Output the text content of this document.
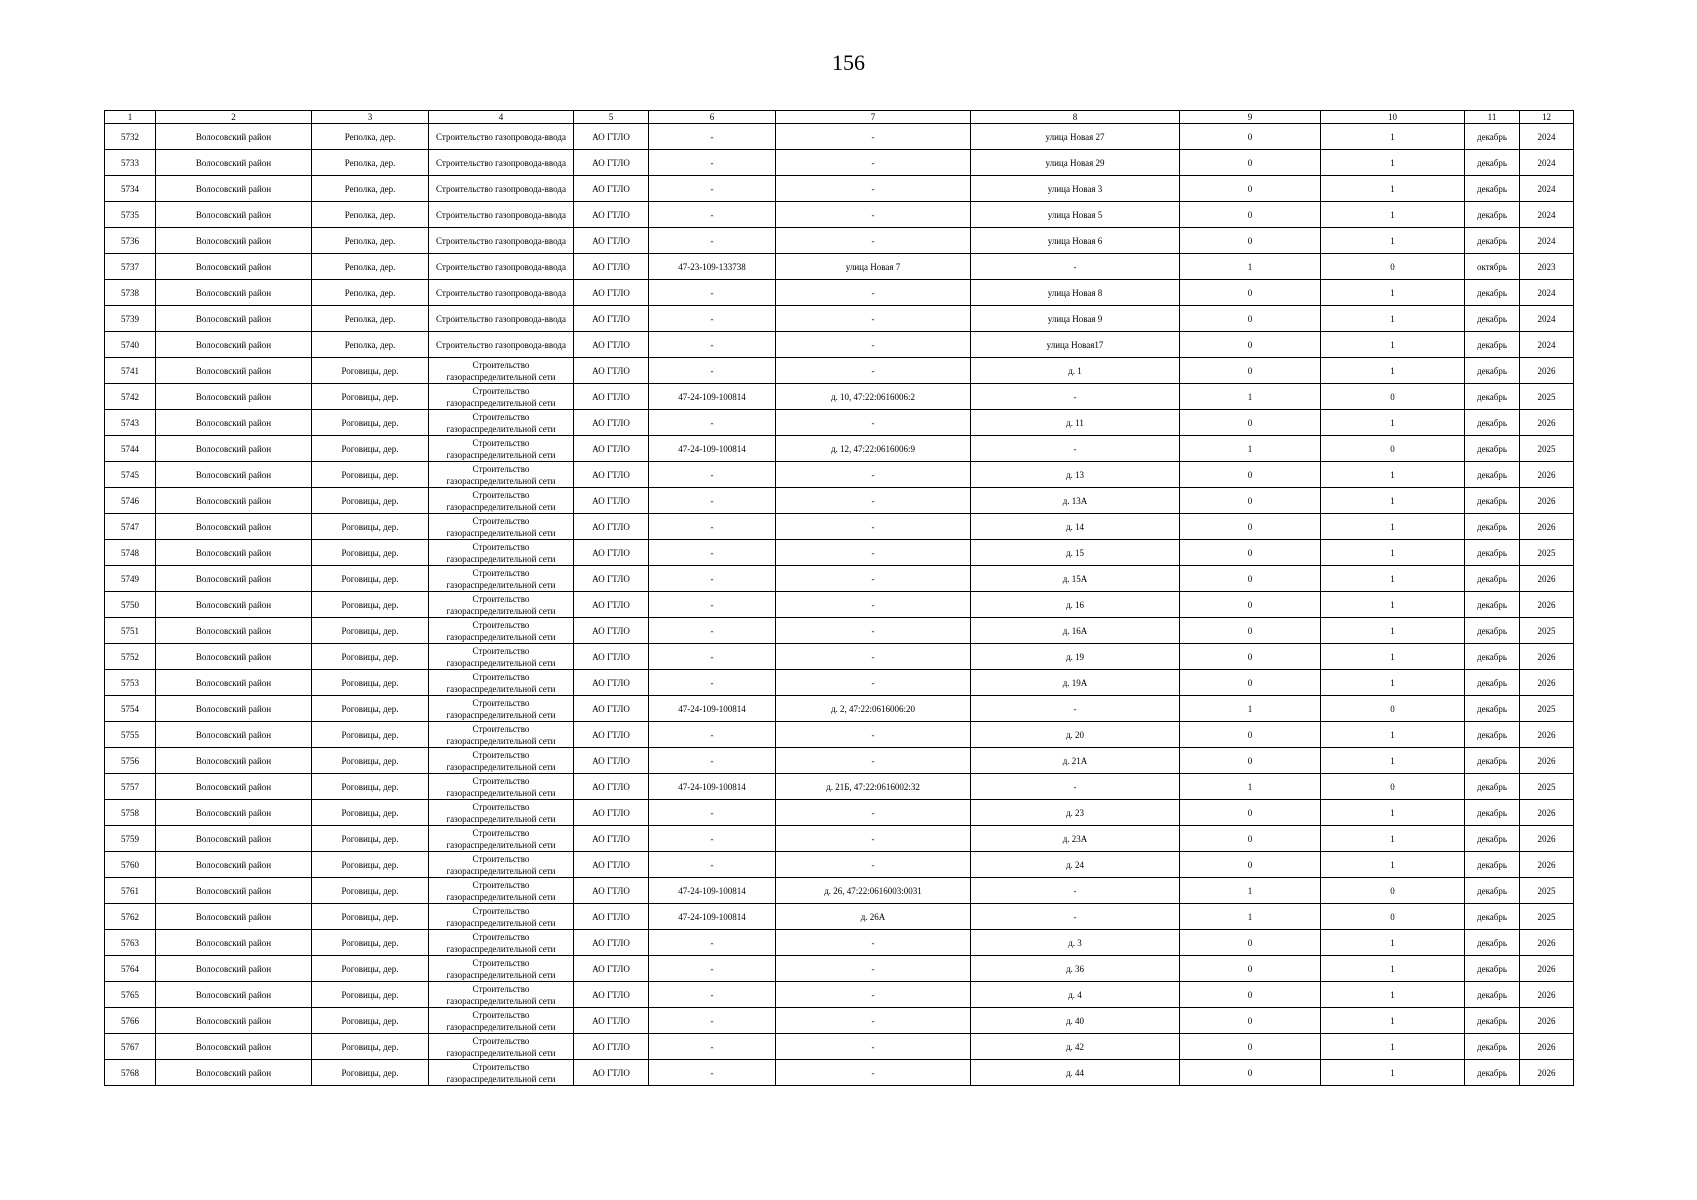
156
1	2	3	4	5	6	7	8	9	10	11	12
5732	Волосовский район	Реполка, дер.	Строительство газопровода-ввода	АО ГТЛО	-	-	улица Новая 27	0	1	декабрь	2024
5733	Волосовский район	Реполка, дер.	Строительство газопровода-ввода	АО ГТЛО	-	-	улица Новая 29	0	1	декабрь	2024
5734	Волосовский район	Реполка, дер.	Строительство газопровода-ввода	АО ГТЛО	-	-	улица Новая 3	0	1	декабрь	2024
5735	Волосовский район	Реполка, дер.	Строительство газопровода-ввода	АО ГТЛО	-	-	улица Новая 5	0	1	декабрь	2024
5736	Волосовский район	Реполка, дер.	Строительство газопровода-ввода	АО ГТЛО	-	-	улица Новая 6	0	1	декабрь	2024
5737	Волосовский район	Реполка, дер.	Строительство газопровода-ввода	АО ГТЛО	47-23-109-133738	улица Новая 7	-	1	0	октябрь	2023
5738	Волосовский район	Реполка, дер.	Строительство газопровода-ввода	АО ГТЛО	-	-	улица Новая 8	0	1	декабрь	2024
5739	Волосовский район	Реполка, дер.	Строительство газопровода-ввода	АО ГТЛО	-	-	улица Новая 9	0	1	декабрь	2024
5740	Волосовский район	Реполка, дер.	Строительство газопровода-ввода	АО ГТЛО	-	-	улица Новая17	0	1	декабрь	2024
5741	Волосовский район	Роговицы, дер.	Строительство газораспределительной сети	АО ГТЛО	-	-	д. 1	0	1	декабрь	2026
5742	Волосовский район	Роговицы, дер.	Строительство газораспределительной сети	АО ГТЛО	47-24-109-100814	д. 10, 47:22:0616006:2	-	1	0	декабрь	2025
5743	Волосовский район	Роговицы, дер.	Строительство газораспределительной сети	АО ГТЛО	-	-	д. 11	0	1	декабрь	2026
5744	Волосовский район	Роговицы, дер.	Строительство газораспределительной сети	АО ГТЛО	47-24-109-100814	д. 12, 47:22:0616006:9	-	1	0	декабрь	2025
5745	Волосовский район	Роговицы, дер.	Строительство газораспределительной сети	АО ГТЛО	-	-	д. 13	0	1	декабрь	2026
5746	Волосовский район	Роговицы, дер.	Строительство газораспределительной сети	АО ГТЛО	-	-	д. 13А	0	1	декабрь	2026
5747	Волосовский район	Роговицы, дер.	Строительство газораспределительной сети	АО ГТЛО	-	-	д. 14	0	1	декабрь	2026
5748	Волосовский район	Роговицы, дер.	Строительство газораспределительной сети	АО ГТЛО	-	-	д. 15	0	1	декабрь	2025
5749	Волосовский район	Роговицы, дер.	Строительство газораспределительной сети	АО ГТЛО	-	-	д. 15А	0	1	декабрь	2026
5750	Волосовский район	Роговицы, дер.	Строительство газораспределительной сети	АО ГТЛО	-	-	д. 16	0	1	декабрь	2026
5751	Волосовский район	Роговицы, дер.	Строительство газораспределительной сети	АО ГТЛО	-	-	д. 16А	0	1	декабрь	2025
5752	Волосовский район	Роговицы, дер.	Строительство газораспределительной сети	АО ГТЛО	-	-	д. 19	0	1	декабрь	2026
5753	Волосовский район	Роговицы, дер.	Строительство газораспределительной сети	АО ГТЛО	-	-	д. 19А	0	1	декабрь	2026
5754	Волосовский район	Роговицы, дер.	Строительство газораспределительной сети	АО ГТЛО	47-24-109-100814	д. 2, 47:22:0616006:20	-	1	0	декабрь	2025
5755	Волосовский район	Роговицы, дер.	Строительство газораспределительной сети	АО ГТЛО	-	-	д. 20	0	1	декабрь	2026
5756	Волосовский район	Роговицы, дер.	Строительство газораспределительной сети	АО ГТЛО	-	-	д. 21А	0	1	декабрь	2026
5757	Волосовский район	Роговицы, дер.	Строительство газораспределительной сети	АО ГТЛО	47-24-109-100814	д. 21Б, 47:22:0616002:32	-	1	0	декабрь	2025
5758	Волосовский район	Роговицы, дер.	Строительство газораспределительной сети	АО ГТЛО	-	-	д. 23	0	1	декабрь	2026
5759	Волосовский район	Роговицы, дер.	Строительство газораспределительной сети	АО ГТЛО	-	-	д. 23А	0	1	декабрь	2026
5760	Волосовский район	Роговицы, дер.	Строительство газораспределительной сети	АО ГТЛО	-	-	д. 24	0	1	декабрь	2026
5761	Волосовский район	Роговицы, дер.	Строительство газораспределительной сети	АО ГТЛО	47-24-109-100814	д. 26, 47:22:0616003:0031	-	1	0	декабрь	2025
5762	Волосовский район	Роговицы, дер.	Строительство газораспределительной сети	АО ГТЛО	47-24-109-100814	д. 26А	-	1	0	декабрь	2025
5763	Волосовский район	Роговицы, дер.	Строительство газораспределительной сети	АО ГТЛО	-	-	д. 3	0	1	декабрь	2026
5764	Волосовский район	Роговицы, дер.	Строительство газораспределительной сети	АО ГТЛО	-	-	д. 36	0	1	декабрь	2026
5765	Волосовский район	Роговицы, дер.	Строительство газораспределительной сети	АО ГТЛО	-	-	д. 4	0	1	декабрь	2026
5766	Волосовский район	Роговицы, дер.	Строительство газораспределительной сети	АО ГТЛО	-	-	д. 40	0	1	декабрь	2026
5767	Волосовский район	Роговицы, дер.	Строительство газораспределительной сети	АО ГТЛО	-	-	д. 42	0	1	декабрь	2026
5768	Волосовский район	Роговицы, дер.	Строительство газораспределительной сети	АО ГТЛО	-	-	д. 44	0	1	декабрь	2026
